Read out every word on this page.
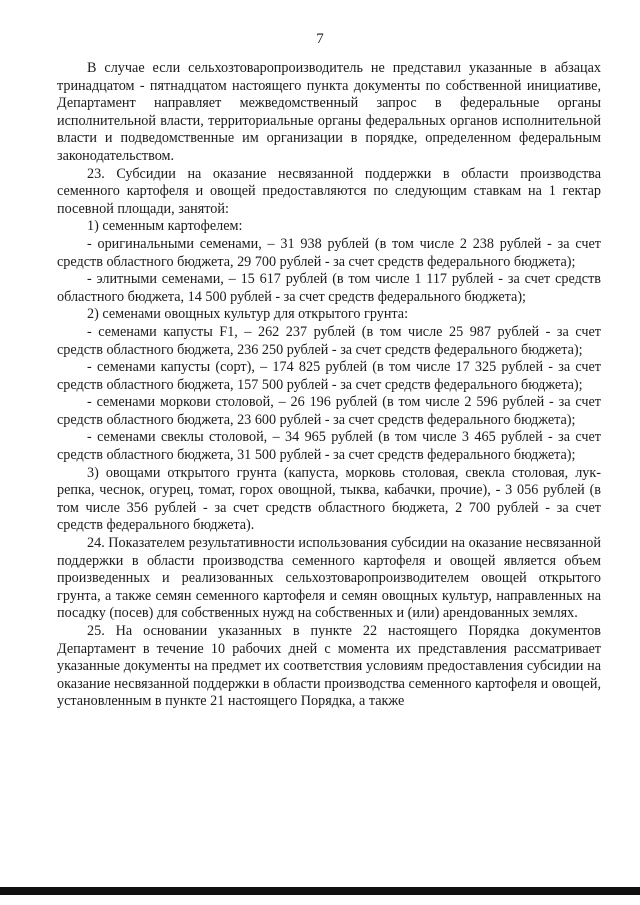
7

В случае если сельхозтоваропроизводитель не представил указанные в абзацах тринадцатом - пятнадцатом настоящего пункта документы по собственной инициативе, Департамент направляет межведомственный запрос в федеральные органы исполнительной власти, территориальные органы федеральных органов исполнительной власти и подведомственные им организации в порядке, определенном федеральным законодательством.

23. Субсидии на оказание несвязанной поддержки в области производства семенного картофеля и овощей предоставляются по следующим ставкам на 1 гектар посевной площади, занятой:

1) семенным картофелем:

- оригинальными семенами, – 31 938 рублей (в том числе 2 238 рублей - за счет средств областного бюджета, 29 700 рублей - за счет средств федерального бюджета);

- элитными семенами, – 15 617 рублей (в том числе 1 117 рублей - за счет средств областного бюджета, 14 500 рублей - за счет средств федерального бюджета);

2) семенами овощных культур для открытого грунта:

- семенами капусты F1, – 262 237 рублей (в том числе 25 987 рублей - за счет средств областного бюджета, 236 250 рублей - за счет средств федерального бюджета);

- семенами капусты (сорт), – 174 825 рублей (в том числе 17 325 рублей - за счет средств областного бюджета, 157 500 рублей - за счет средств федерального бюджета);

- семенами моркови столовой, – 26 196 рублей (в том числе 2 596 рублей - за счет средств областного бюджета, 23 600 рублей - за счет средств федерального бюджета);

- семенами свеклы столовой, – 34 965 рублей (в том числе 3 465 рублей - за счет средств областного бюджета, 31 500 рублей - за счет средств федерального бюджета);

3) овощами открытого грунта (капуста, морковь столовая, свекла столовая, лук-репка, чеснок, огурец, томат, горох овощной, тыква, кабачки, прочие), - 3 056 рублей (в том числе 356 рублей - за счет средств областного бюджета, 2 700 рублей - за счет средств федерального бюджета).

24. Показателем результативности использования субсидии на оказание несвязанной поддержки в области производства семенного картофеля и овощей является объем произведенных и реализованных сельхозтоваропроизводителем овощей открытого грунта, а также семян семенного картофеля и семян овощных культур, направленных на посадку (посев) для собственных нужд на собственных и (или) арендованных землях.

25. На основании указанных в пункте 22 настоящего Порядка документов Департамент в течение 10 рабочих дней с момента их представления рассматривает указанные документы на предмет их соответствия условиям предоставления субсидии на оказание несвязанной поддержки в области производства семенного картофеля и овощей, установленным в пункте 21 настоящего Порядка, а также
